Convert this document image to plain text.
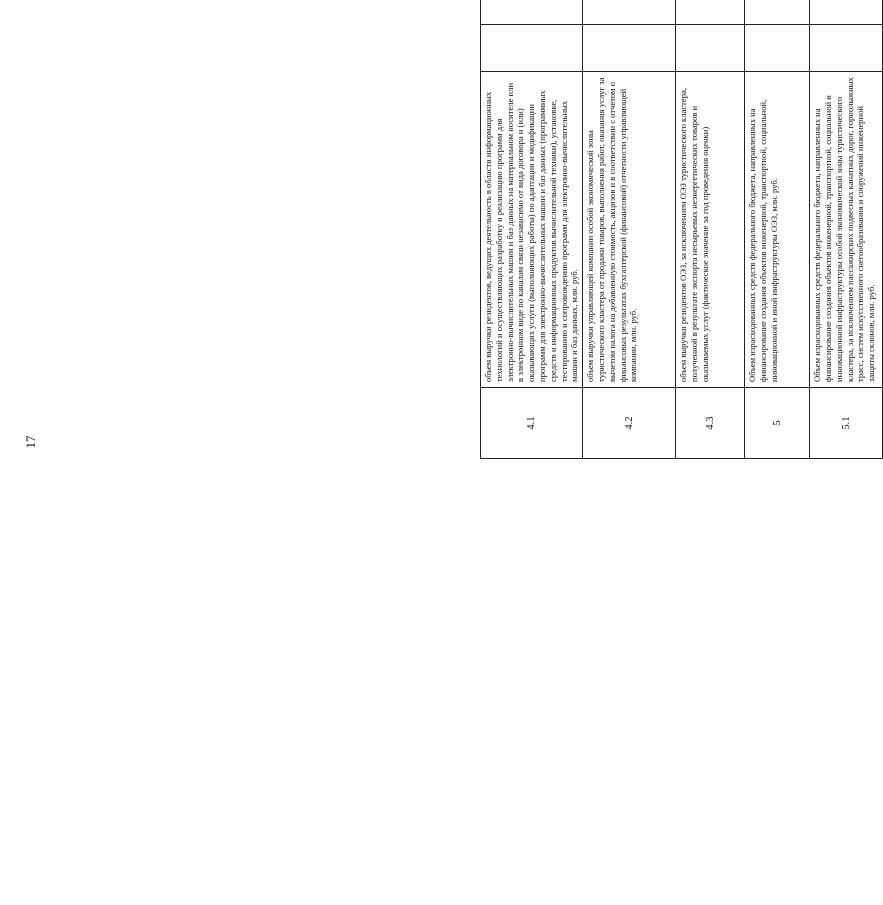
17
4.1	объем выручки резидентов, ведущих деятельность в области информационных технологий и осуществляющих разработку и реализацию программ для электронно-вычислительных машин и баз данных на материальном носителе или в электронном виде по каналам связи независимо от вида договора и (или) оказывающих услуги (выполняющих работы) по адаптации и модификации программ для электронно-вычислительных машин и баз данных (программных средств и информационных продуктов вычислительной техники), установке, тестированию и сопровождению программ для электронно-вычислительных машин и баз данных, млн. руб.									
4.2	объем выручки управляющей компании особой экономической зоны туристического кластера от продажи товаров, выполнения работ, оказания услуг за вычетом налога на добавленную стоимость, акцизов и в соответствии с отчетом о финансовых результатах бухгалтерской (финансовой) отчетности управляющей компании, млн. руб.									
4.3	объем выручки резидентов ОЭЗ, за исключением ОЭЗ туристического кластера, полученной в результате экспорта несырьевых неэнергетических товаров и оказываемых услуг (фактическое значение за год проведения оценки)									
5	Объем израсходованных средств федерального бюджета, направленных на финансирование создания объектов инженерной, транспортной, социальной, инновационной и иной инфраструктуры ОЭЗ, млн. руб.									
5.1	Объем израсходованных средств федерального бюджета, направленных на финансирование создания объектов инженерной, транспортной, социальной и инновационной инфраструктуры особой экономической зоны туристического кластера, за исключением пассажирских подвесных канатных дорог, горнолыжных трасс, систем искусственного снегообразования и сооружений инженерной защиты склонов, млн. руб.									
